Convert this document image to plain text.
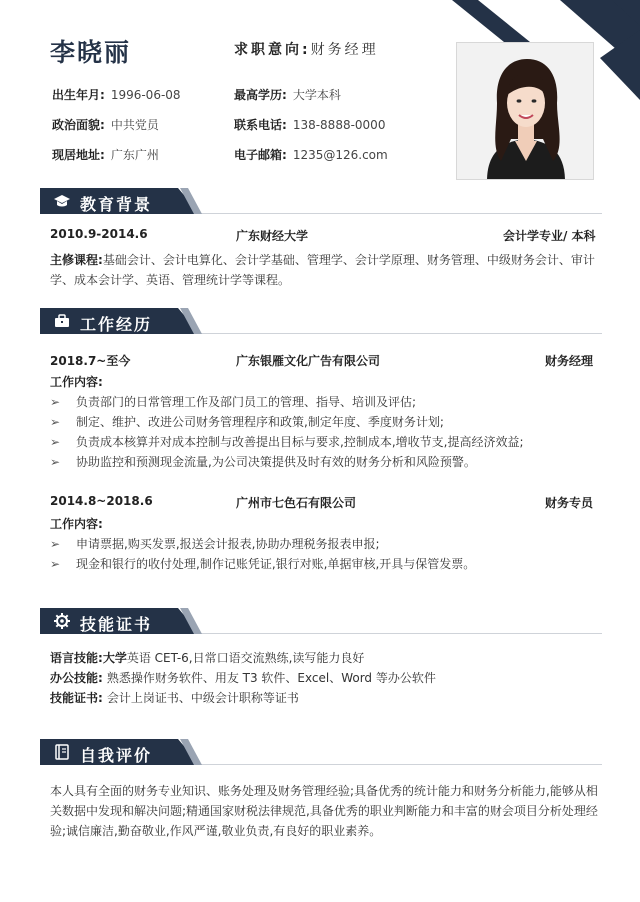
李晓丽	求职意向:财务经理
出生年月: 1996-06-08	最高学历: 大学本科
政治面貌: 中共党员	联系电话: 138-8888-0000
现居地址: 广东广州	电子邮箱: 1235@126.com
教育背景
2010.9-2014.6	广东财经大学	会计学专业/ 本科
主修课程:基础会计、会计电算化、会计学基础、管理学、会计学原理、财务管理、中级财务会计、审计
学、成本会计学、英语、管理统计学等课程。
工作经历
2018.7~至今	广东银雁文化广告有限公司	财务经理
工作内容:
➢ 负责部门的日常管理工作及部门员工的管理、指导、培训及评估;
➢ 制定、维护、改进公司财务管理程序和政策,制定年度、季度财务计划;
➢ 负责成本核算并对成本控制与改善提出目标与要求,控制成本,增收节支,提高经济效益;
➢ 协助监控和预测现金流量,为公司决策提供及时有效的财务分析和风险预警。
2014.8~2018.6	广州市七色石有限公司	财务专员
工作内容:
➢ 申请票据,购买发票,报送会计报表,协助办理税务报表申报;
➢ 现金和银行的收付处理,制作记账凭证,银行对账,单据审核,开具与保管发票。
技能证书
语言技能:大学英语 CET-6,日常口语交流熟练,读写能力良好
办公技能: 熟悉操作财务软件、用友 T3 软件、Excel、Word 等办公软件
技能证书: 会计上岗证书、中级会计职称等证书
自我评价
本人具有全面的财务专业知识、账务处理及财务管理经验;具备优秀的统计能力和财务分析能力,能够从相关数据中发现和解决问题;精通国家财税法律规范,具备优秀的职业判断能力和丰富的财会项目分析处理经验;诚信廉洁,勤奋敬业,作风严谨,敬业负责,有良好的职业素养。
